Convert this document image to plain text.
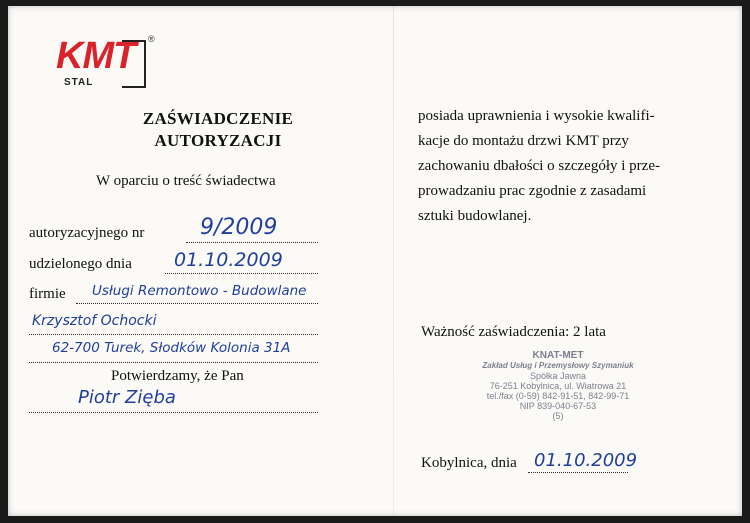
KMT
STAL
®
ZAŚWIADCZENIE
AUTORYZACJI
W oparciu o treść świadectwa
autoryzacyjnego nr	9/2009
udzielonego dnia 01.10.2009
firmie Usługi Remontowo - Budowlane
Krzysztof Ochocki
62-700 Turek, Słodków Kolonia 31A
Potwierdzamy, że Pan
Piotr Zięba
posiada uprawnienia i wysokie kwalifi-
kacje do montażu drzwi KMT przy
zachowaniu dbałości o szczegóły i prze-
prowadzaniu prac zgodnie z zasadami
sztuki budowlanej.
Ważność zaświadczenia: 2 lata
KNAT-MET
Zakład Usług i Przemysłowy Szymaniuk
Spółka Jawna
76-251 Kobylnica, ul. Wiatrowa 21
tel./fax (0-59) 842-91-51, 842-99-71
NIP 839-040-67-53
(5)
Kobylnica, dnia 01.10.2009
